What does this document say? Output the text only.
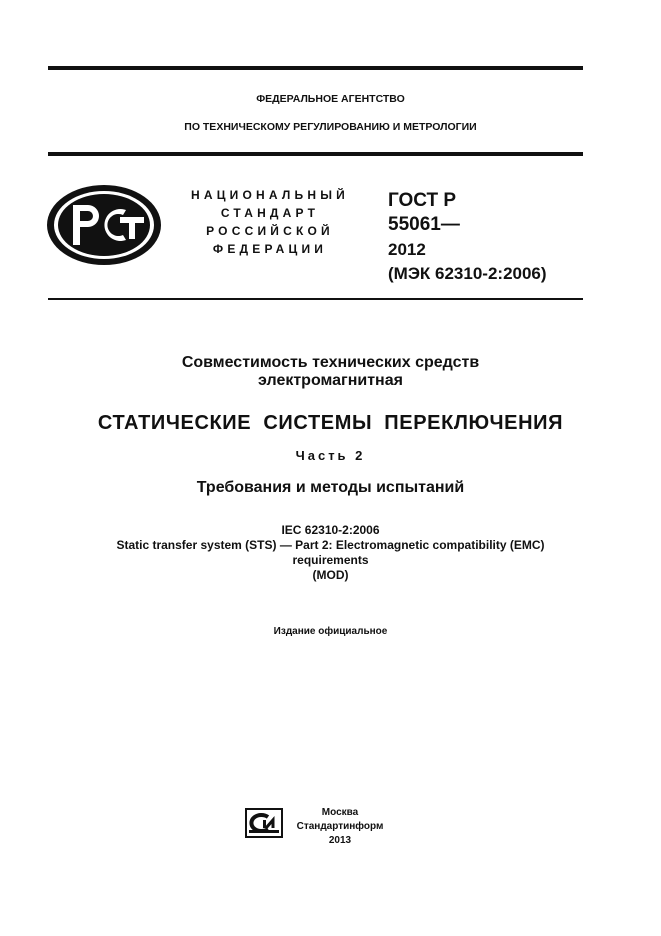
ФЕДЕРАЛЬНОЕ АГЕНТСТВО
ПО ТЕХНИЧЕСКОМУ РЕГУЛИРОВАНИЮ И МЕТРОЛОГИИ
НАЦИОНАЛЬНЫЙ
СТАНДАРТ
РОССИЙСКОЙ
ФЕДЕРАЦИИ
ГОСТ Р
55061—
2012
(МЭК 62310-2:2006)
Совместимость технических средств
электромагнитная
СТАТИЧЕСКИЕ СИСТЕМЫ ПЕРЕКЛЮЧЕНИЯ
Часть 2
Требования и методы испытаний
IEC 62310-2:2006
Static transfer system (STS) — Part 2: Electromagnetic compatibility (EMC)
requirements
(MOD)
Издание официальное
Москва
Стандартинформ
2013
